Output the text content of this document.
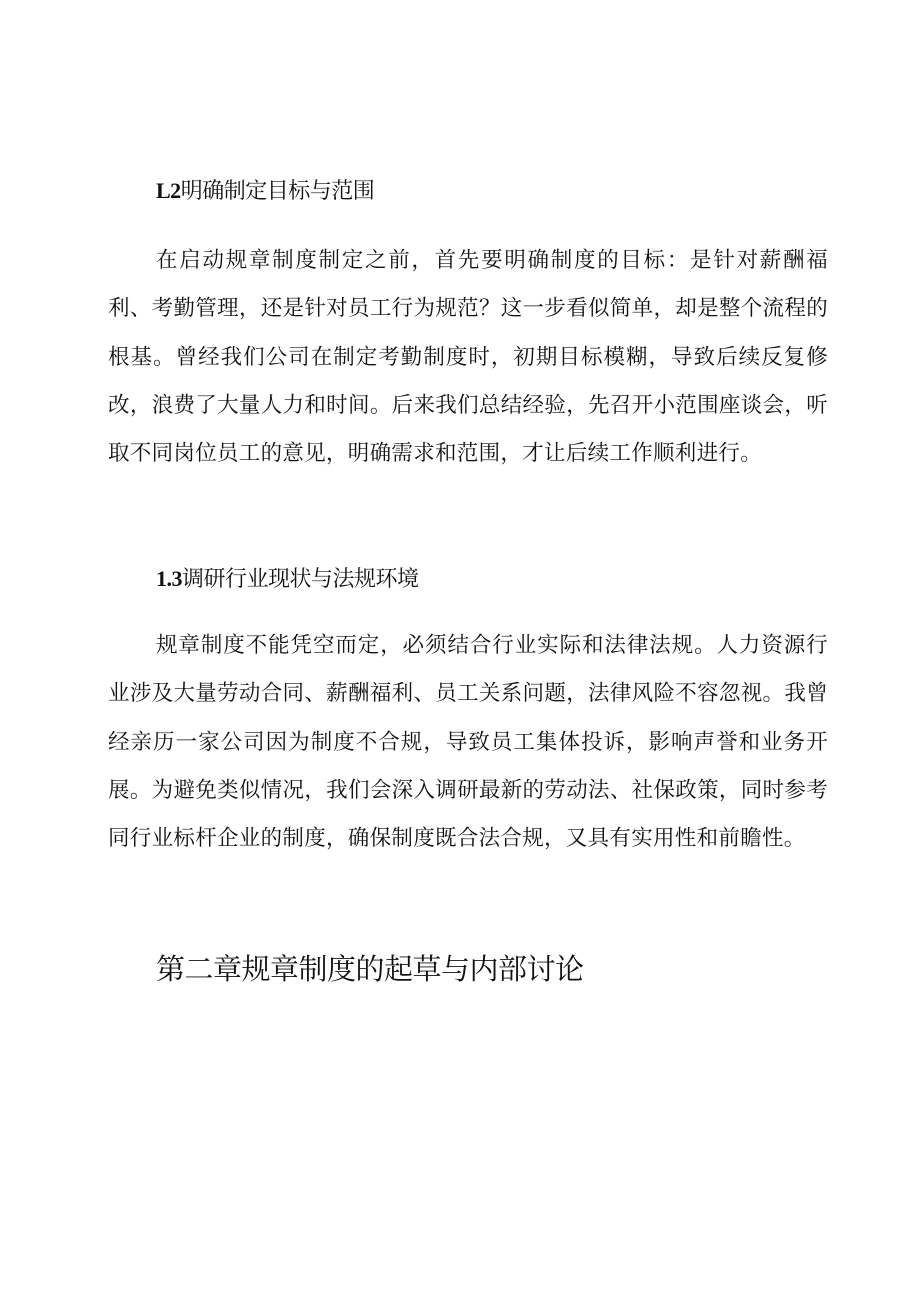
L2明确制定目标与范围

在启动规章制度制定之前，首先要明确制度的目标：是针对薪酬福利、考勤管理，还是针对员工行为规范？这一步看似简单，却是整个流程的根基。曾经我们公司在制定考勤制度时，初期目标模糊，导致后续反复修改，浪费了大量人力和时间。后来我们总结经验，先召开小范围座谈会，听取不同岗位员工的意见，明确需求和范围，才让后续工作顺利进行。

1.3调研行业现状与法规环境

规章制度不能凭空而定，必须结合行业实际和法律法规。人力资源行业涉及大量劳动合同、薪酬福利、员工关系问题，法律风险不容忽视。我曾经亲历一家公司因为制度不合规，导致员工集体投诉，影响声誉和业务开展。为避免类似情况，我们会深入调研最新的劳动法、社保政策，同时参考同行业标杆企业的制度，确保制度既合法合规，又具有实用性和前瞻性。

第二章规章制度的起草与内部讨论
